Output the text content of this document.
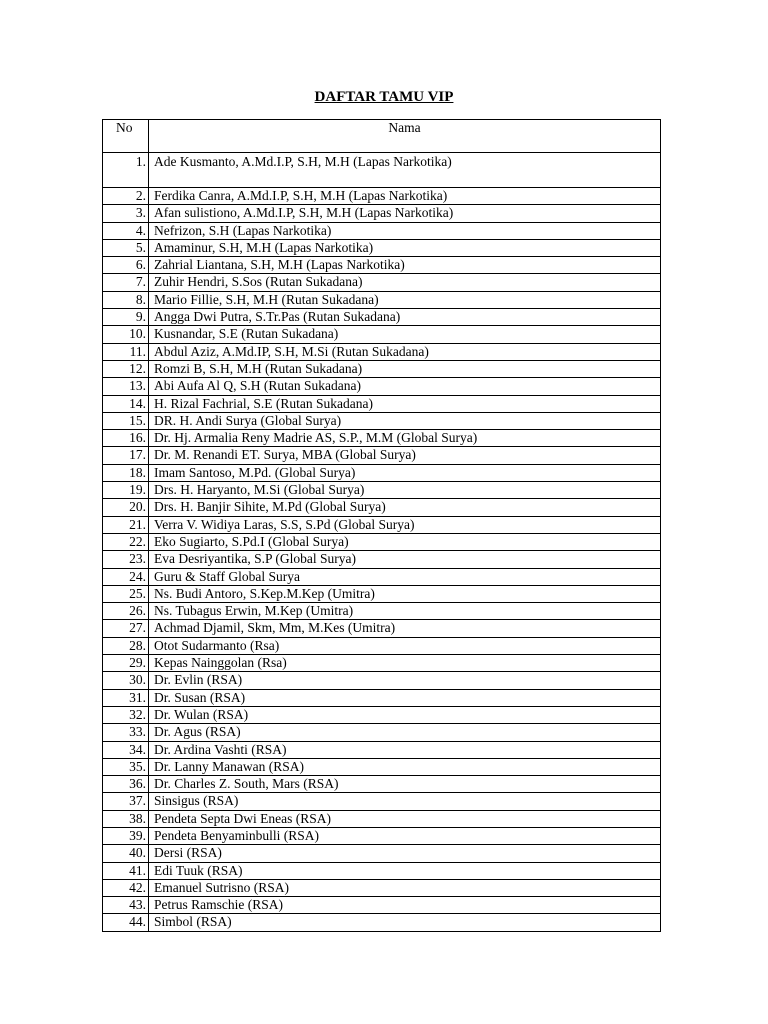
DAFTAR TAMU VIP
No	Nama
1.	Ade Kusmanto, A.Md.I.P, S.H, M.H (Lapas Narkotika)
2.	Ferdika Canra, A.Md.I.P, S.H, M.H (Lapas Narkotika)
3.	Afan sulistiono, A.Md.I.P, S.H, M.H (Lapas Narkotika)
4.	Nefrizon, S.H (Lapas Narkotika)
5.	Amaminur, S.H, M.H (Lapas Narkotika)
6.	Zahrial Liantana, S.H, M.H (Lapas Narkotika)
7.	Zuhir Hendri, S.Sos (Rutan Sukadana)
8.	Mario Fillie, S.H, M.H (Rutan Sukadana)
9.	Angga Dwi Putra, S.Tr.Pas (Rutan Sukadana)
10.	Kusnandar, S.E (Rutan Sukadana)
11.	Abdul Aziz, A.Md.IP, S.H, M.Si (Rutan Sukadana)
12.	Romzi B, S.H, M.H (Rutan Sukadana)
13.	Abi Aufa Al Q, S.H (Rutan Sukadana)
14.	H. Rizal Fachrial, S.E (Rutan Sukadana)
15.	DR. H. Andi Surya (Global Surya)
16.	Dr. Hj. Armalia Reny Madrie AS, S.P., M.M (Global Surya)
17.	Dr. M. Renandi ET. Surya, MBA (Global Surya)
18.	Imam Santoso, M.Pd. (Global Surya)
19.	Drs. H. Haryanto, M.Si (Global Surya)
20.	Drs. H. Banjir Sihite, M.Pd (Global Surya)
21.	Verra V. Widiya Laras, S.S, S.Pd (Global Surya)
22.	Eko Sugiarto, S.Pd.I (Global Surya)
23.	Eva Desriyantika, S.P (Global Surya)
24.	Guru & Staff Global Surya
25.	Ns. Budi Antoro, S.Kep.M.Kep (Umitra)
26.	Ns. Tubagus Erwin, M.Kep (Umitra)
27.	Achmad Djamil, Skm, Mm, M.Kes (Umitra)
28.	Otot Sudarmanto (Rsa)
29.	Kepas Nainggolan (Rsa)
30.	Dr. Evlin (RSA)
31.	Dr. Susan (RSA)
32.	Dr. Wulan (RSA)
33.	Dr. Agus (RSA)
34.	Dr. Ardina Vashti (RSA)
35.	Dr. Lanny Manawan (RSA)
36.	Dr. Charles Z. South, Mars (RSA)
37.	Sinsigus (RSA)
38.	Pendeta Septa Dwi Eneas (RSA)
39.	Pendeta Benyaminbulli (RSA)
40.	Dersi (RSA)
41.	Edi Tuuk (RSA)
42.	Emanuel Sutrisno (RSA)
43.	Petrus Ramschie (RSA)
44.	Simbol (RSA)
